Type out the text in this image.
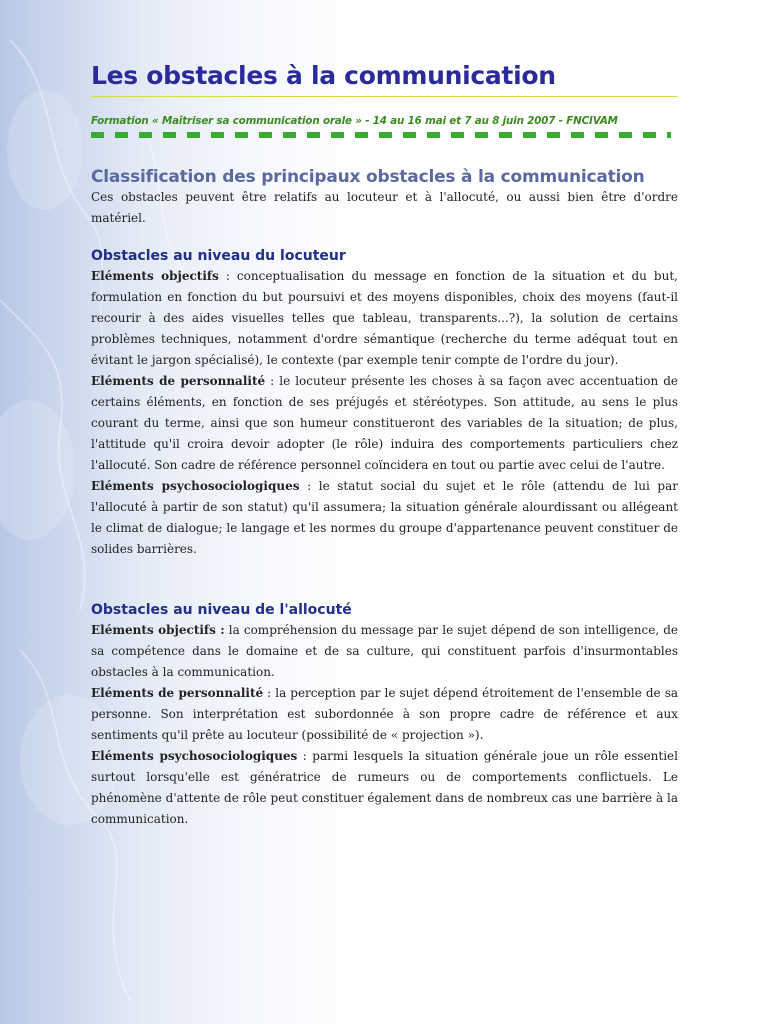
Les obstacles à la communication
Formation « Maîtriser sa communication orale » - 14 au 16 mai et 7 au 8 juin 2007 - FNCIVAM
Classification des principaux obstacles à la communication

Ces obstacles peuvent être relatifs au locuteur et à l'allocuté, ou aussi bien être d'ordre matériel.

Obstacles au niveau du locuteur

Eléments objectifs : conceptualisation du message en fonction de la situation et du but, formulation en fonction du but poursuivi et des moyens disponibles, choix des moyens (faut-il recourir à des aides visuelles telles que tableau, transparents...?), la solution de certains problèmes techniques, notamment d'ordre sémantique (recherche du terme adéquat tout en évitant le jargon spécialisé), le contexte (par exemple tenir compte de l'ordre du jour).

Eléments de personnalité : le locuteur présente les choses à sa façon avec accentuation de certains éléments, en fonction de ses préjugés et stéréotypes. Son attitude, au sens le plus courant du terme, ainsi que son humeur constitueront des variables de la situation; de plus, l'attitude qu'il croira devoir adopter (le rôle) induira des comportements particuliers chez l'allocuté. Son cadre de référence personnel coïncidera en tout ou partie avec celui de l'autre.

Eléments psychosociologiques : le statut social du sujet et le rôle (attendu de lui par l'allocuté à partir de son statut) qu'il assumera; la situation générale alourdissant ou allégeant le climat de dialogue; le langage et les normes du groupe d'appartenance peuvent constituer de solides barrières.

Obstacles au niveau de l'allocuté

Eléments objectifs : la compréhension du message par le sujet dépend de son intelligence, de sa compétence dans le domaine et de sa culture, qui constituent parfois d'insurmontables obstacles à la communication.

Eléments de personnalité : la perception par le sujet dépend étroitement de l'ensemble de sa personne. Son interprétation est subordonnée à son propre cadre de référence et aux sentiments qu'il prête au locuteur (possibilité de « projection »).

Eléments psychosociologiques : parmi lesquels la situation générale joue un rôle essentiel surtout lorsqu'elle est génératrice de rumeurs ou de comportements conflictuels. Le phénomène d'attente de rôle peut constituer également dans de nombreux cas une barrière à la communication.
